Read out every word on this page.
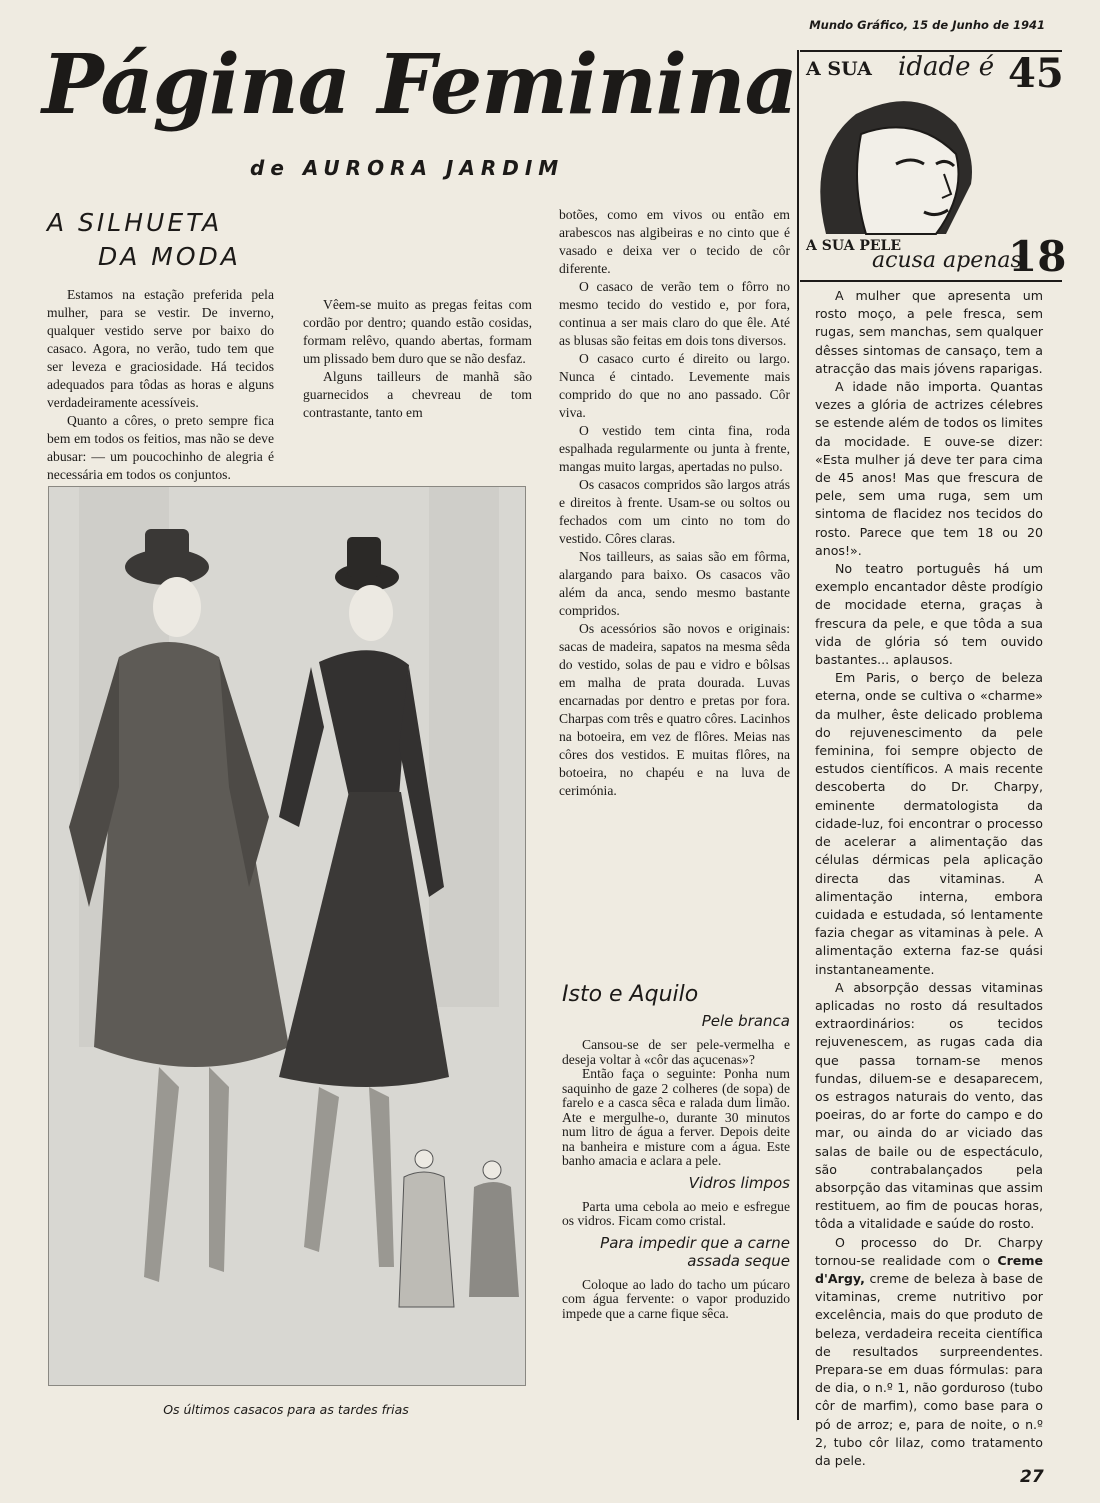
Mundo Gráfico, 15 de Junho de 1941
Página Feminina
de AURORA JARDIM
A SILHUETA
DA MODA

Estamos na estação preferida pela mulher, para se vestir. De inverno, qualquer vestido serve por baixo do casaco. Agora, no verão, tudo tem que ser leveza e graciosidade. Há tecidos adequados para tôdas as horas e alguns verdadeiramente acessíveis.

Quanto a côres, o preto sempre fica bem em todos os feitios, mas não se deve abusar: — um poucochinho de alegria é necessária em todos os conjuntos.

Vêem-se muito as pregas feitas com cordão por dentro; quando estão cosidas, formam relêvo, quando abertas, formam um plissado bem duro que se não desfaz.

Alguns tailleurs de manhã são guarnecidos a chevreau de tom contrastante, tanto em

Os últimos casacos para as tardes frias

botões, como em vivos ou então em arabescos nas algibeiras e no cinto que é vasado e deixa ver o tecido de côr diferente.

O casaco de verão tem o fôrro no mesmo tecido do vestido e, por fora, continua a ser mais claro do que êle. Até as blusas são feitas em dois tons diversos.

O casaco curto é direito ou largo. Nunca é cintado. Levemente mais comprido do que no ano passado. Côr viva.

O vestido tem cinta fina, roda espalhada regularmente ou junta à frente, mangas muito largas, apertadas no pulso.

Os casacos compridos são largos atrás e direitos à frente. Usam-se ou soltos ou fechados com um cinto no tom do vestido. Côres claras.

Nos tailleurs, as saias são em fôrma, alargando para baixo. Os casacos vão além da anca, sendo mesmo bastante compridos.

Os acessórios são novos e originais: sacas de madeira, sapatos na mesma sêda do vestido, solas de pau e vidro e bôlsas em malha de prata dourada. Luvas encarnadas por dentro e pretas por fora. Charpas com três e quatro côres. Lacinhos na botoeira, em vez de flôres. Meias nas côres dos vestidos. E muitas flôres, na botoeira, no chapéu e na luva de cerimónia.

Isto e Aquilo
Pele branca

Cansou-se de ser pele-vermelha e deseja voltar à «côr das açucenas»?

Então faça o seguinte: Ponha num saquinho de gaze 2 colheres (de sopa) de farelo e a casca sêca e ralada dum limão. Ate e mergulhe-o, durante 30 minutos num litro de água a ferver. Depois deite na banheira e misture com a água. Este banho amacia e aclara a pele.

Vidros limpos

Parta uma cebola ao meio e esfregue os vidros. Ficam como cristal.

Para impedir que a carne assada seque

Coloque ao lado do tacho um púcaro com água fervente: o vapor produzido impede que a carne fique sêca.

A SUA idade é 45
A SUA PELE
acusa apenas
18

A mulher que apresenta um rosto moço, a pele fresca, sem rugas, sem manchas, sem qualquer dêsses sintomas de cansaço, tem a atracção das mais jóvens raparigas.

A idade não importa. Quantas vezes a glória de actrizes célebres se estende além de todos os limites da mocidade. E ouve-se dizer: «Esta mulher já deve ter para cima de 45 anos! Mas que frescura de pele, sem uma ruga, sem um sintoma de flacidez nos tecidos do rosto. Parece que tem 18 ou 20 anos!».

No teatro português há um exemplo encantador dêste prodígio de mocidade eterna, graças à frescura da pele, e que tôda a sua vida de glória só tem ouvido bastantes... aplausos.

Em Paris, o berço de beleza eterna, onde se cultiva o «charme» da mulher, êste delicado problema do rejuvenescimento da pele feminina, foi sempre objecto de estudos científicos. A mais recente descoberta do Dr. Charpy, eminente dermatologista da cidade-luz, foi encontrar o processo de acelerar a alimentação das células dérmicas pela aplicação directa das vitaminas. A alimentação interna, embora cuidada e estudada, só lentamente fazia chegar as vitaminas à pele. A alimentação externa faz-se quási instantaneamente.

A absorpção dessas vitaminas aplicadas no rosto dá resultados extraordinários: os tecidos rejuvenescem, as rugas cada dia que passa tornam-se menos fundas, diluem-se e desaparecem, os estragos naturais do vento, das poeiras, do ar forte do campo e do mar, ou ainda do ar viciado das salas de baile ou de espectáculo, são contrabalançados pela absorpção das vitaminas que assim restituem, ao fim de poucas horas, tôda a vitalidade e saúde do rosto.

O processo do Dr. Charpy tornou-se realidade com o Creme d'Argy, creme de beleza à base de vitaminas, creme nutritivo por excelência, mais do que produto de beleza, verdadeira receita científica de resultados surpreendentes. Prepara-se em duas fórmulas: para de dia, o n.º 1, não gorduroso (tubo côr de marfim), como base para o pó de arroz; e, para de noite, o n.º 2, tubo côr lilaz, como tratamento da pele.

27
